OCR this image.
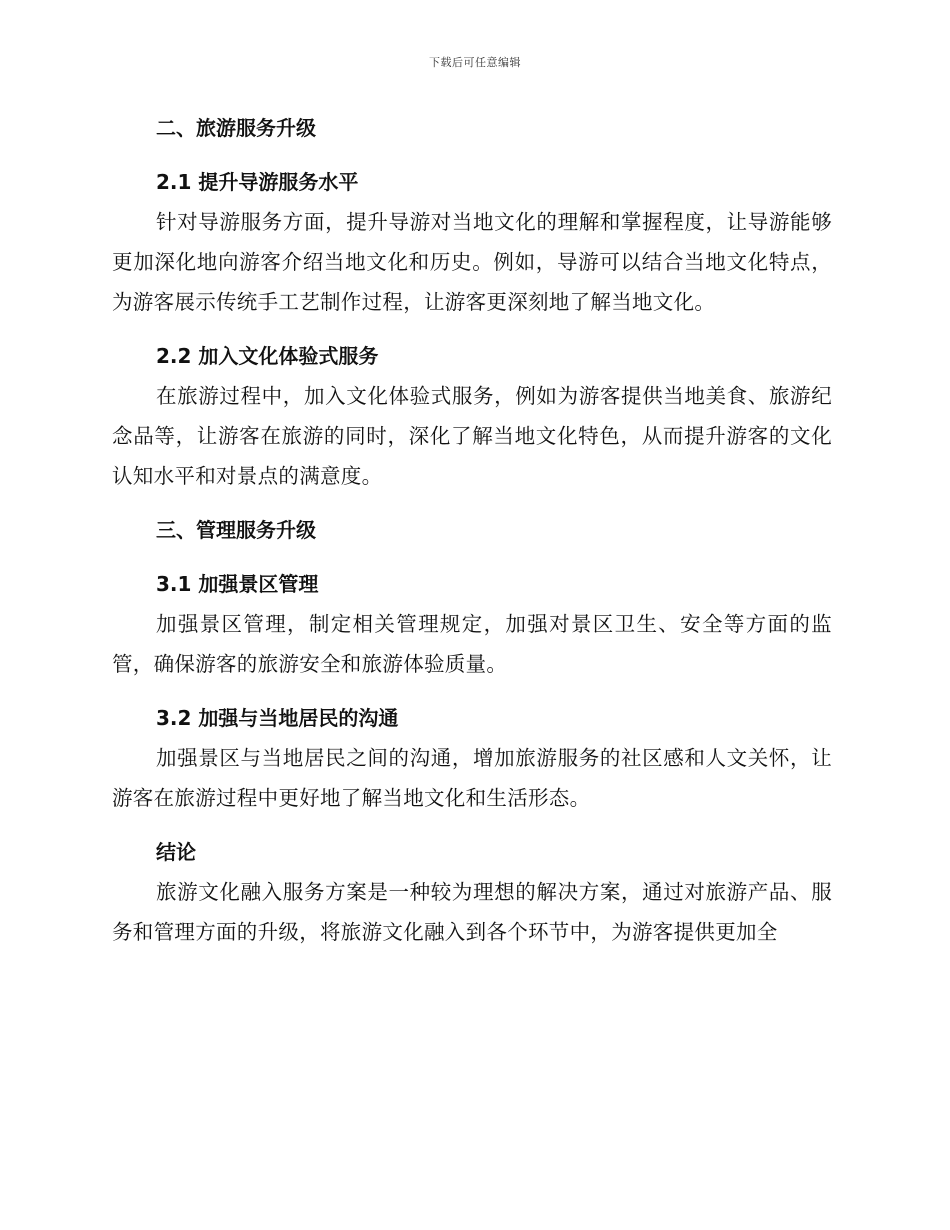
下载后可任意编辑
二、旅游服务升级
2.1 提升导游服务水平

针对导游服务方面，提升导游对当地文化的理解和掌握程度，让导游能够更加深化地向游客介绍当地文化和历史。例如，导游可以结合当地文化特点，为游客展示传统手工艺制作过程，让游客更深刻地了解当地文化。

2.2 加入文化体验式服务

在旅游过程中，加入文化体验式服务，例如为游客提供当地美食、旅游纪念品等，让游客在旅游的同时，深化了解当地文化特色，从而提升游客的文化认知水平和对景点的满意度。

三、管理服务升级
3.1 加强景区管理

加强景区管理，制定相关管理规定，加强对景区卫生、安全等方面的监管，确保游客的旅游安全和旅游体验质量。

3.2 加强与当地居民的沟通

加强景区与当地居民之间的沟通，增加旅游服务的社区感和人文关怀，让游客在旅游过程中更好地了解当地文化和生活形态。

结论

旅游文化融入服务方案是一种较为理想的解决方案，通过对旅游产品、服务和管理方面的升级，将旅游文化融入到各个环节中，为游客提供更加全
